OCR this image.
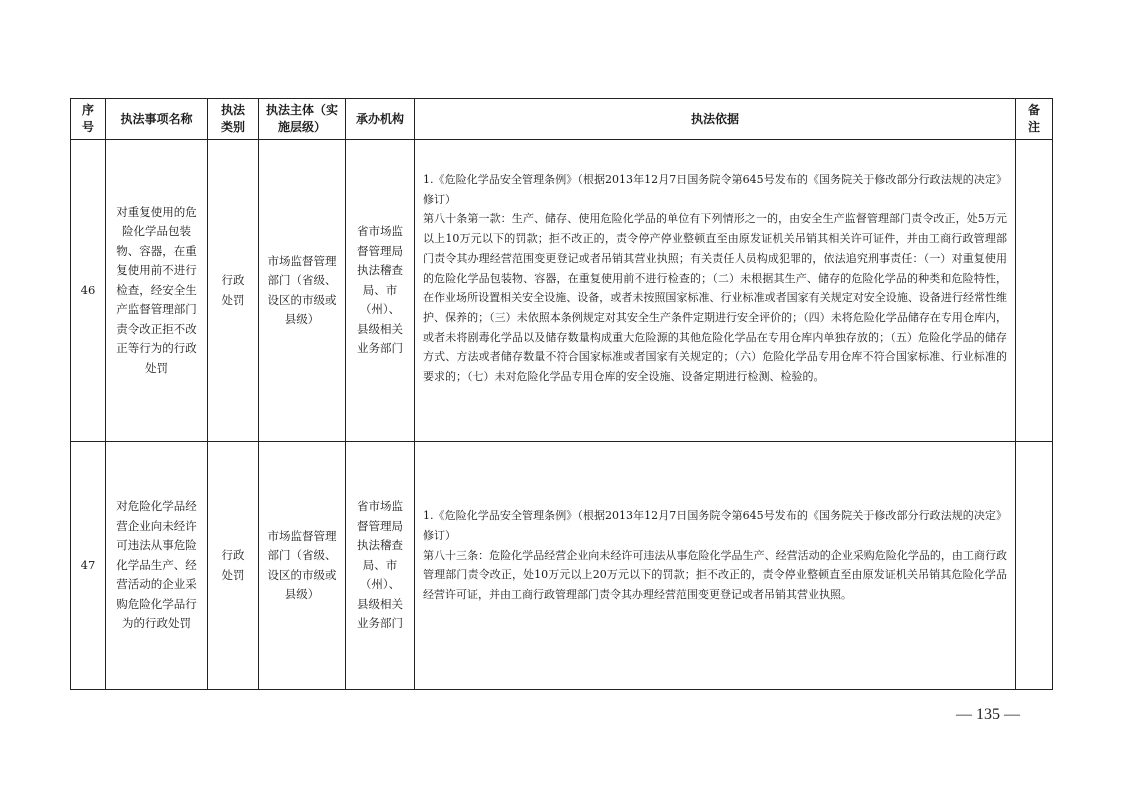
序号	执法事项名称	执法类别	执法主体（实施层级）	承办机构	执法依据	备注

46	对重复使用的危险化学品包装物、容器，在重复使用前不进行检查，经安全生产监督管理部门责令改正拒不改正等行为的行政处罚	行政处罚	市场监督管理部门（省级、设区的市级或县级）	省市场监督管理局执法稽查局、市（州）、县级相关业务部门	1.《危险化学品安全管理条例》（根据2013年12月7日国务院令第645号发布的《国务院关于修改部分行政法规的决定》修订）

第八十条第一款：生产、储存、使用危险化学品的单位有下列情形之一的，由安全生产监督管理部门责令改正，处5万元以上10万元以下的罚款；拒不改正的，责令停产停业整顿直至由原发证机关吊销其相关许可证件，并由工商行政管理部门责令其办理经营范围变更登记或者吊销其营业执照；有关责任人员构成犯罪的，依法追究刑事责任：（一）对重复使用的危险化学品包装物、容器，在重复使用前不进行检查的；（二）未根据其生产、储存的危险化学品的种类和危险特性，在作业场所设置相关安全设施、设备，或者未按照国家标准、行业标准或者国家有关规定对安全设施、设备进行经常性维护、保养的；（三）未依照本条例规定对其安全生产条件定期进行安全评价的；（四）未将危险化学品储存在专用仓库内，或者未将剧毒化学品以及储存数量构成重大危险源的其他危险化学品在专用仓库内单独存放的；（五）危险化学品的储存方式、方法或者储存数量不符合国家标准或者国家有关规定的；（六）危险化学品专用仓库不符合国家标准、行业标准的要求的；（七）未对危险化学品专用仓库的安全设施、设备定期进行检测、检验的。	

47	对危险化学品经营企业向未经许可违法从事危险化学品生产、经营活动的企业采购危险化学品行为的行政处罚	行政处罚	市场监督管理部门（省级、设区的市级或县级）	省市场监督管理局执法稽查局、市（州）、县级相关业务部门	1.《危险化学品安全管理条例》（根据2013年12月7日国务院令第645号发布的《国务院关于修改部分行政法规的决定》修订）

第八十三条：危险化学品经营企业向未经许可违法从事危险化学品生产、经营活动的企业采购危险化学品的，由工商行政管理部门责令改正，处10万元以上20万元以下的罚款；拒不改正的，责令停业整顿直至由原发证机关吊销其危险化学品经营许可证，并由工商行政管理部门责令其办理经营范围变更登记或者吊销其营业执照。	

— 135 —
